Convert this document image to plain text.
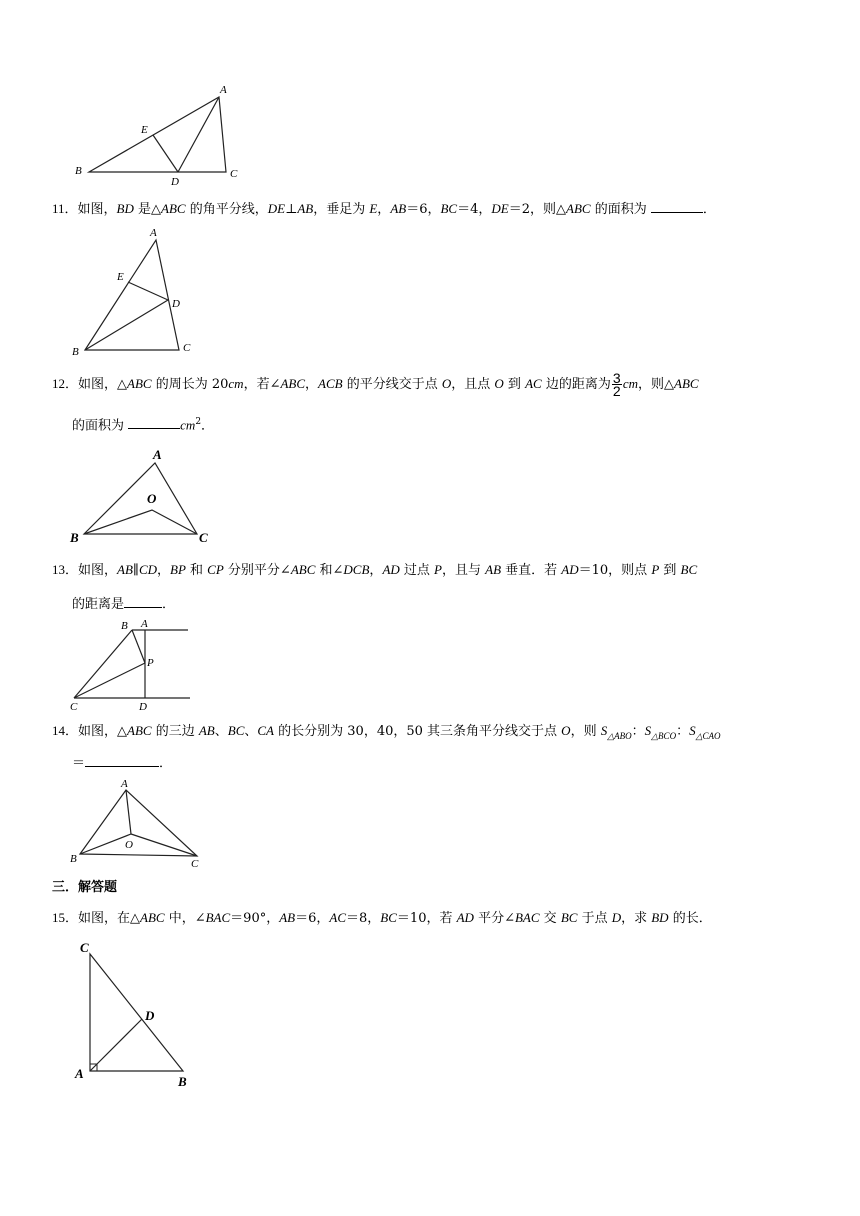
A
E
B
D
C
11．如图，BD 是△ABC 的角平分线，DE⊥AB，垂足为 E，AB＝6，BC＝4，DE＝2，则△ABC 的面积为	．
A
E
D
B	C
12．如图，△ABC 的周长为 20cm，若∠ABC，ACB 的平分线交于点 O，且点 O 到 AC 边的距离为 $\frac{3}{2}$ cm，则△ABC
的面积为	$cm^2$．
A
O
B	C
13．如图，AB∥CD，BP 和 CP 分别平分∠ABC 和∠DCB，AD 过点 P，且与 AB 垂直．若 AD＝10，则点 P 到 BC
的距离是	．
B A
P
C	D
14．如图，△ABC 的三边 AB、BC、CA 的长分别为 30，40，50 其三条角平分线交于点 O，则 $S_{\triangle ABO}$：$S_{\triangle BCO}$：$S_{\triangle CAO}$
＝	．
A
O
B	C
三．解答题
15．如图，在△ABC 中，∠BAC＝90°，AB＝6，AC＝8，BC＝10，若 AD 平分∠BAC 交 BC 于点 D，求 BD 的长．
C
D
A
B
